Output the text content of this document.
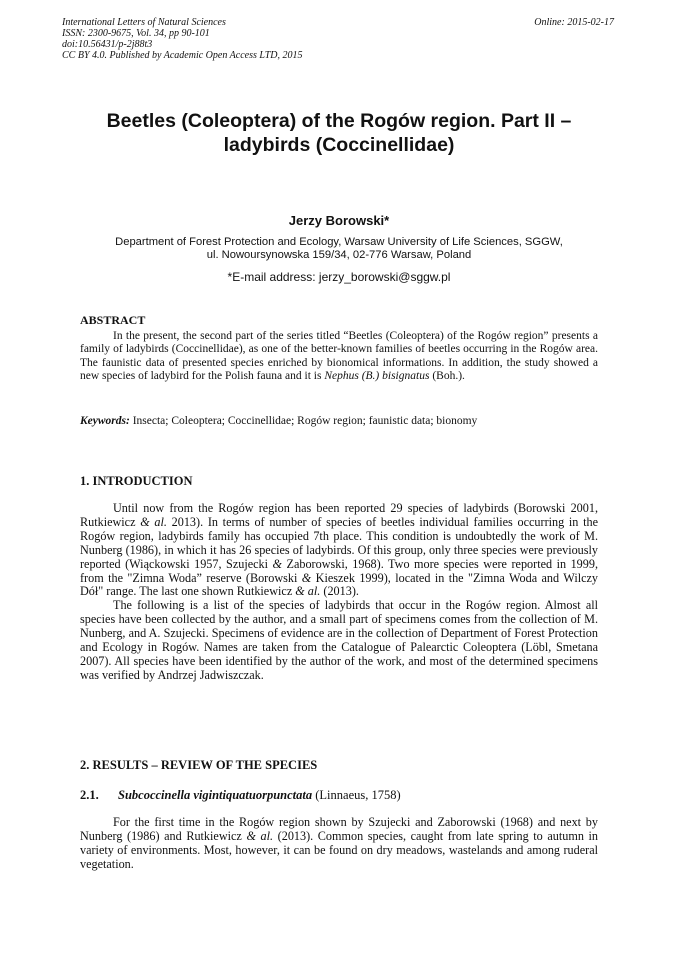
International Letters of Natural Sciences
ISSN: 2300-9675, Vol. 34, pp 90-101
doi:10.56431/p-2j88t3
CC BY 4.0. Published by Academic Open Access LTD, 2015
Online: 2015-02-17
Beetles (Coleoptera) of the Rogów region. Part II –
ladybirds (Coccinellidae)
Jerzy Borowski*
Department of Forest Protection and Ecology, Warsaw University of Life Sciences, SGGW,
ul. Nowoursynowska 159/34, 02-776 Warsaw, Poland
*E-mail address: jerzy_borowski@sggw.pl
ABSTRACT

In the present, the second part of the series titled “Beetles (Coleoptera) of the Rogów region” presents a family of ladybirds (Coccinellidae), as one of the better-known families of beetles occurring in the Rogów area. The faunistic data of presented species enriched by bionomical informations. In addition, the study showed a new species of ladybird for the Polish fauna and it is Nephus (B.) bisignatus (Boh.).

Keywords: Insecta; Coleoptera; Coccinellidae; Rogów region; faunistic data; bionomy

1. INTRODUCTION

Until now from the Rogów region has been reported 29 species of ladybirds (Borowski 2001, Rutkiewicz & al. 2013). In terms of number of species of beetles individual families occurring in the Rogów region, ladybirds family has occupied 7th place. This condition is undoubtedly the work of M. Nunberg (1986), in which it has 26 species of ladybirds. Of this group, only three species were previously reported (Wiąckowski 1957, Szujecki & Zaborowski, 1968). Two more species were reported in 1999, from the "Zimna Woda” reserve (Borowski & Kieszek 1999), located in the "Zimna Woda and Wilczy Dół" range. The last one shown Rutkiewicz & al. (2013).

The following is a list of the species of ladybirds that occur in the Rogów region. Almost all species have been collected by the author, and a small part of specimens comes from the collection of M. Nunberg, and A. Szujecki. Specimens of evidence are in the collection of Department of Forest Protection and Ecology in Rogów. Names are taken from the Catalogue of Palearctic Coleoptera (Löbl, Smetana 2007). All species have been identified by the author of the work, and most of the determined specimens was verified by Andrzej Jadwiszczak.

2. RESULTS – REVIEW OF THE SPECIES
2.1. Subcoccinella vigintiquatuorpunctata (Linnaeus, 1758)

For the first time in the Rogów region shown by Szujecki and Zaborowski (1968) and next by Nunberg (1986) and Rutkiewicz & al. (2013). Common species, caught from late spring to autumn in variety of environments. Most, however, it can be found on dry meadows, wastelands and among ruderal vegetation.
